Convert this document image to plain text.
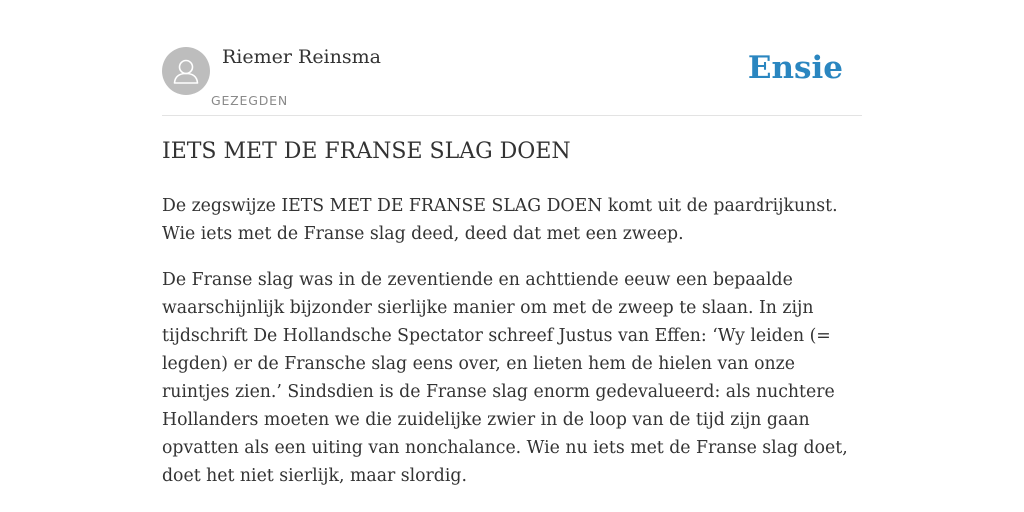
Riemer Reinsma
GEZEGDEN
Ensie
IETS MET DE FRANSE SLAG DOEN

De zegswijze IETS MET DE FRANSE SLAG DOEN komt uit de paardrijkunst. Wie iets met de Franse slag deed, deed dat met een zweep.

De Franse slag was in de zeventiende en achttiende eeuw een bepaalde waarschijnlijk bijzonder sierlijke manier om met de zweep te slaan. In zijn tijdschrift De Hollandsche Spectator schreef Justus van Effen: ‘Wy leiden (= legden) er de Fransche slag eens over, en lieten hem de hielen van onze ruintjes zien.’ Sindsdien is de Franse slag enorm gedevalueerd: als nuchtere Hollanders moeten we die zuidelijke zwier in de loop van de tijd zijn gaan opvatten als een uiting van nonchalance. Wie nu iets met de Franse slag doet, doet het niet sierlijk, maar slordig.
